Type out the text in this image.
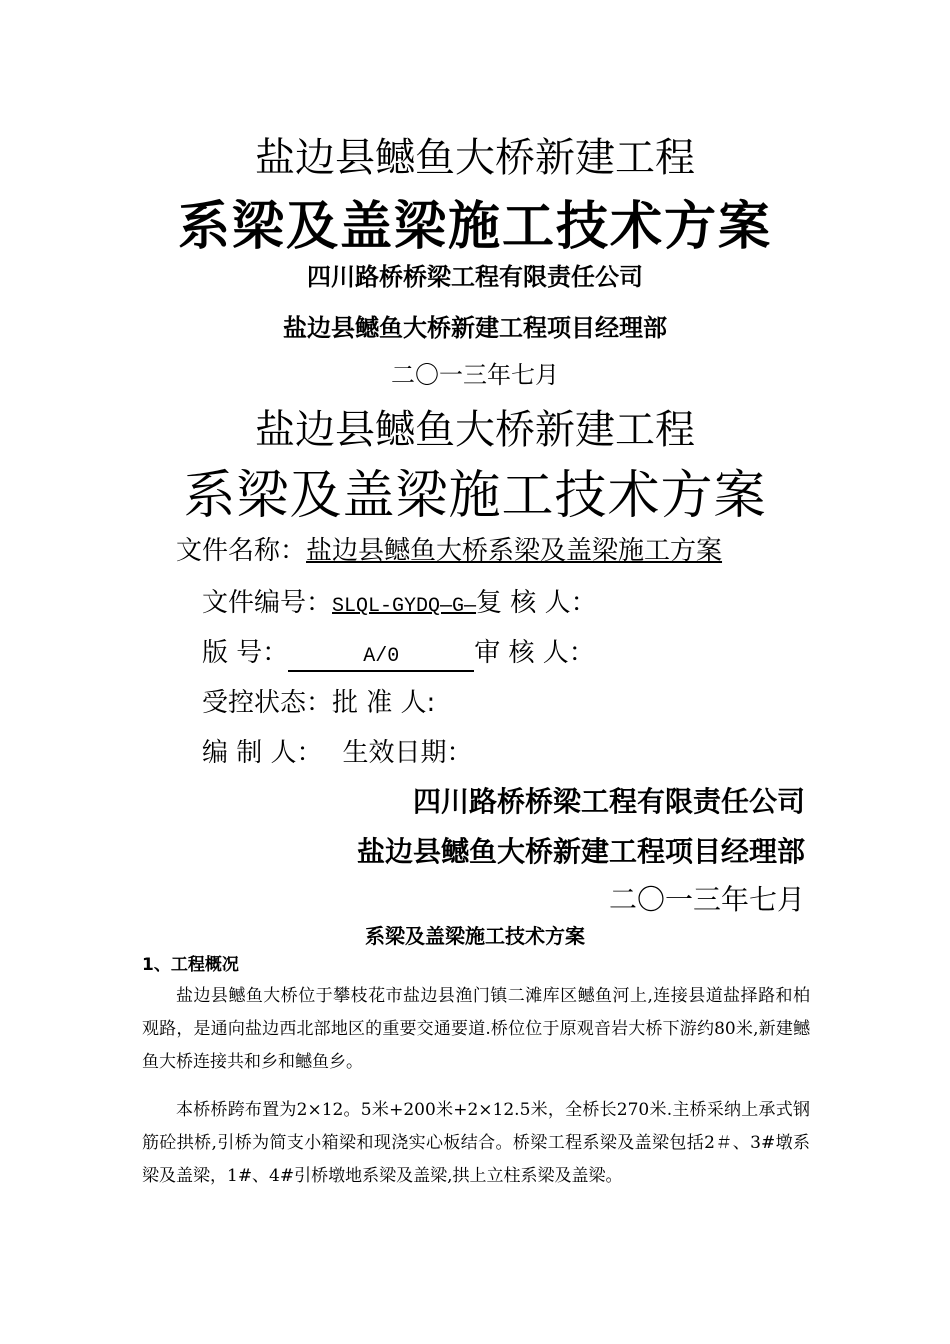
盐边县鳡鱼大桥新建工程
系梁及盖梁施工技术方案
四川路桥桥梁工程有限责任公司
盐边县鳡鱼大桥新建工程项目经理部
二〇一三年七月
盐边县鳡鱼大桥新建工程
系梁及盖梁施工技术方案
文件名称：盐边县鳡鱼大桥系梁及盖梁施工方案
文件编号：SLQL-GYDQ—G—复 核 人：
版 号：	A/0	审 核 人：
受控状态：批 准 人:
编 制 人： 生效日期：
四川路桥桥梁工程有限责任公司
盐边县鳡鱼大桥新建工程项目经理部
二〇一三年七月
系梁及盖梁施工技术方案
1、工程概况
盐边县鳡鱼大桥位于攀枝花市盐边县渔门镇二滩库区鳡鱼河上,连接县道盐择路和柏观路，是通向盐边西北部地区的重要交通要道.桥位位于原观音岩大桥下游约80米,新建鳡鱼大桥连接共和乡和鳡鱼乡。
本桥桥跨布置为2×12。5米+200米+2×12.5米，全桥长270米.主桥采纳上承式钢筋砼拱桥,引桥为简支小箱梁和现浇实心板结合。桥梁工程系梁及盖梁包括2＃、3#墩系梁及盖梁，1#、4#引桥墩地系梁及盖梁,拱上立柱系梁及盖梁。
